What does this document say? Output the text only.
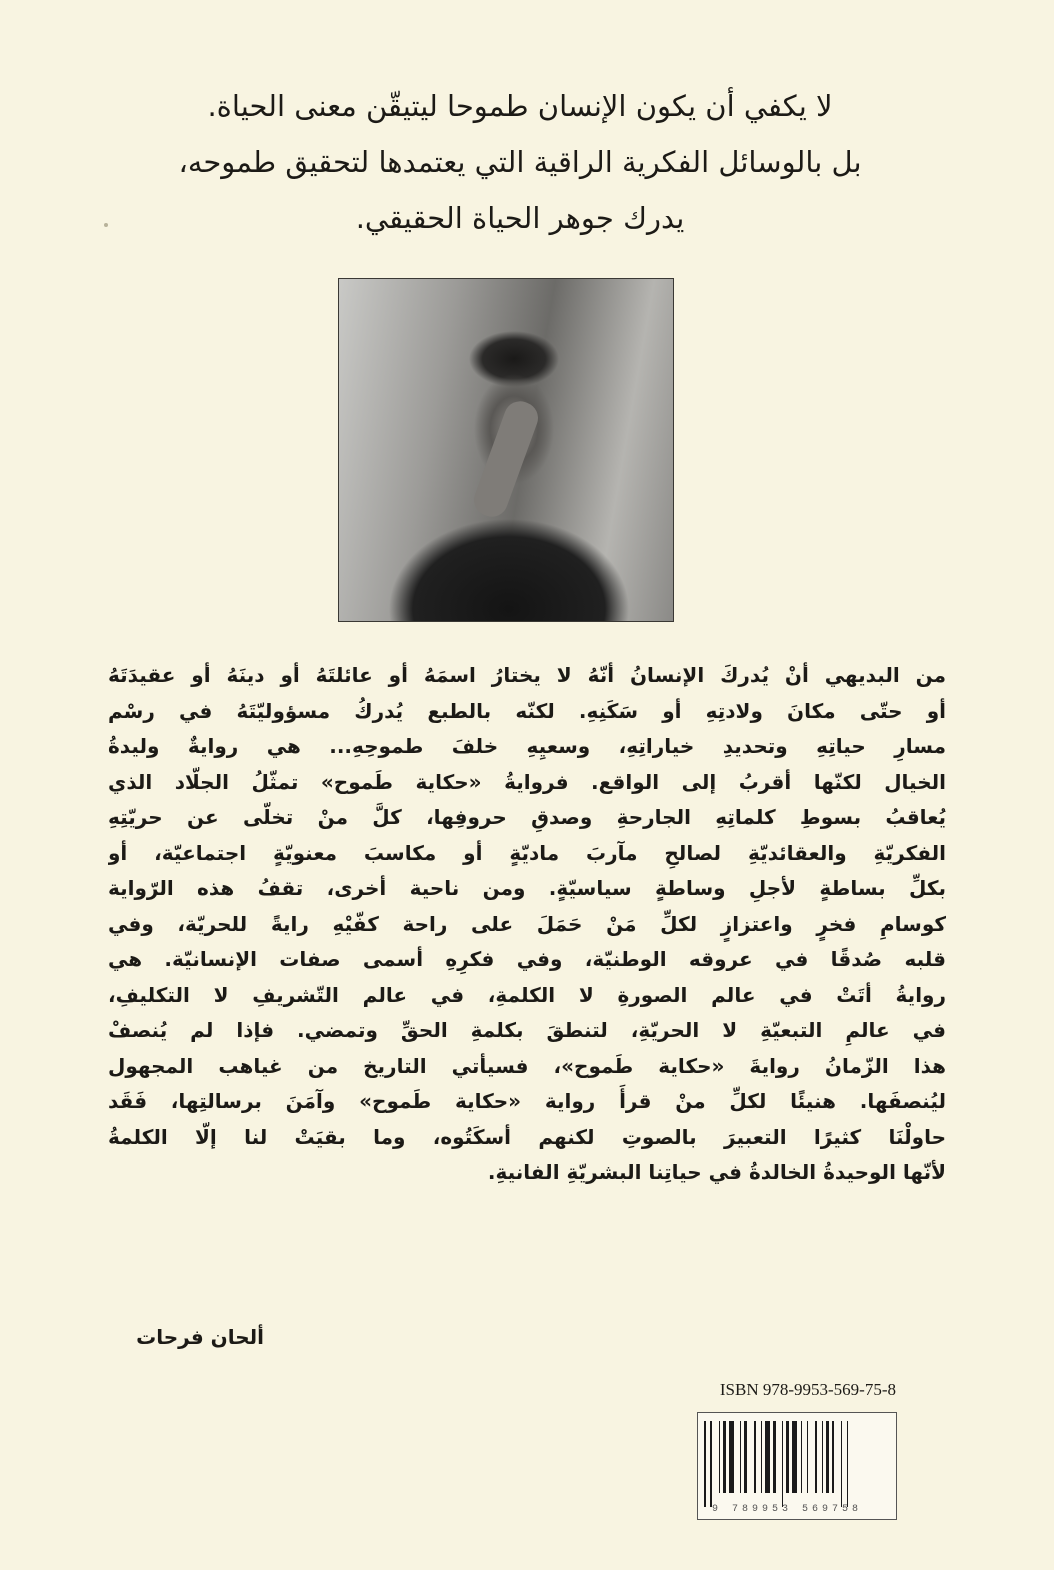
لا يكفي أن يكون الإنسان طموحا ليتيقّن معنى الحياة.
بل بالوسائل الفكرية الراقية التي يعتمدها لتحقيق طموحه،
يدرك جوهر الحياة الحقيقي.
من البديهي أنْ يُدركَ الإنسانُ أنّهُ لا يختارُ اسمَهُ أو عائلتَهُ أو دينَهُ أو عقيدَتَهُ
أو حتّى مكانَ ولادتِهِ أو سَكَنِهِ. لكنّه بالطبع يُدركُ مسؤوليّتَهُ في رسْم
مسارِ حياتِهِ وتحديدِ خياراتِهِ، وسعيِهِ خلفَ طموحِهِ... هي روايةٌ وليدةُ
الخيال لكنّها أقربُ إلى الواقع. فروايةُ «حكاية طَموح» تمثّلُ الجلّاد الذي
يُعاقبُ بسوطِ كلماتِهِ الجارحةِ وصدقِ حروفِها، كلَّ منْ تخلّى عن حريّتِهِ
الفكريّةِ والعقائديّةِ لصالحِ مآربَ ماديّةٍ أو مكاسبَ معنويّةٍ اجتماعيّة، أو
بكلِّ بساطةٍ لأجلِ وساطةٍ سياسيّةٍ. ومن ناحية أخرى، تقفُ هذه الرّواية
كوسامِ فخرٍ واعتزازٍ لكلِّ مَنْ حَمَلَ على راحة كفّيْهِ رايةً للحريّة، وفي
قلبه صُدقًا في عروقه الوطنيّة، وفي فكرِهِ أسمى صفات الإنسانيّة. هي
روايةُ أتَتْ في عالم الصورةِ لا الكلمةِ، في عالم التّشريفِ لا التكليفِ،
في عالمِ التبعيّةِ لا الحريّةِ، لتنطقَ بكلمةِ الحقِّ وتمضي. فإذا لم يُنصفْ
هذا الزّمانُ روايةَ «حكاية طَموح»، فسيأتي التاريخ من غياهب المجهول
ليُنصفَها. هنيئًا لكلِّ منْ قرأَ رواية «حكاية طَموح» وآمَنَ برسالتِها، فَقَد
حاولْنَا كثيرًا التعبيرَ بالصوتِ لكنهم أسكَتُوه، وما بقيَتْ لنا إلّا الكلمةُ
لأنّها الوحيدةُ الخالدةُ في حياتِنا البشريّةِ الفانيةِ.
ألحان فرحات
ISBN 978-9953-569-75-8
9 789953 569758
